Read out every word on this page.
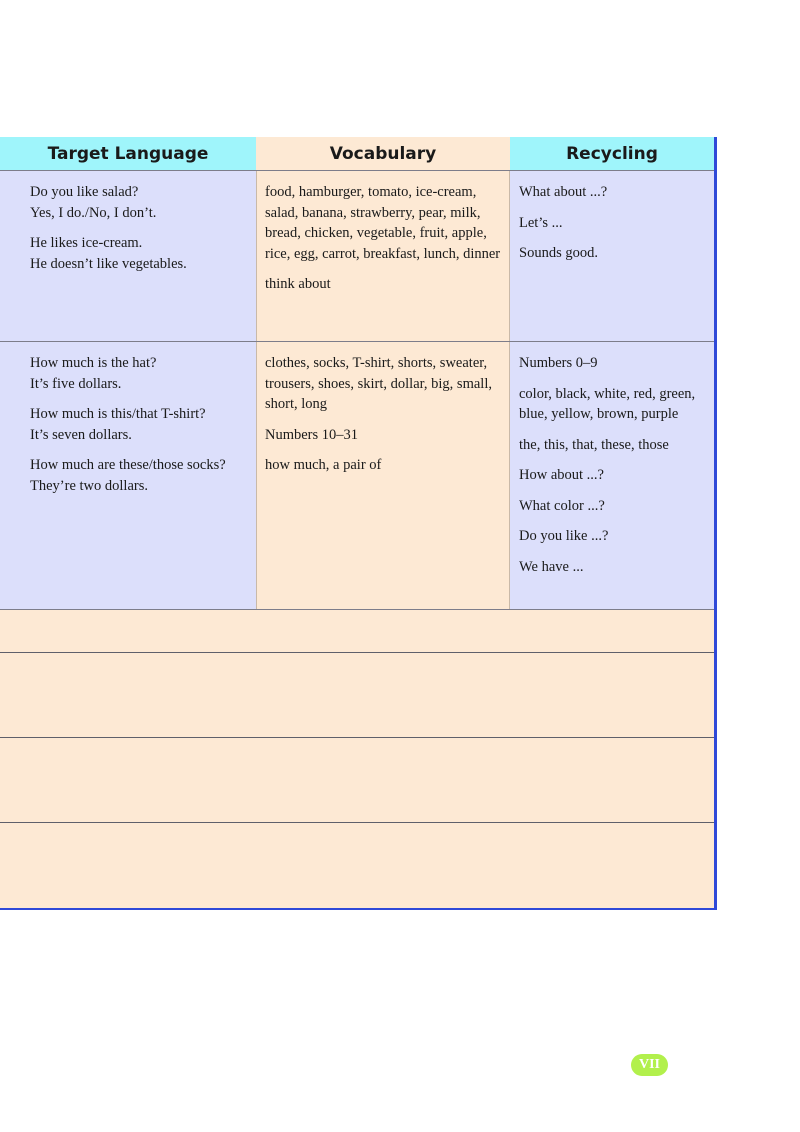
Target Language	Vocabulary	Recycling

Do you like salad?
Yes, I do./No, I don’t.

He likes ice-cream.
He doesn’t like vegetables.

food, hamburger, tomato, ice-cream, salad, banana, strawberry, pear, milk, bread, chicken, vegetable, fruit, apple, rice, egg, carrot, breakfast, lunch, dinner

think about

What about ...?

Let’s ...

Sounds good.

How much is the hat?
It’s five dollars.

How much is this/that T-shirt?
It’s seven dollars.

How much are these/those socks?
They’re two dollars.

clothes, socks, T-shirt, shorts, sweater, trousers, shoes, skirt, dollar, big, small, short, long

Numbers 10–31

how much, a pair of

Numbers 0–9

color, black, white, red, green, blue, yellow, brown, purple

the, this, that, these, those

How about ...?

What color ...?

Do you like ...?

We have ...

VII
